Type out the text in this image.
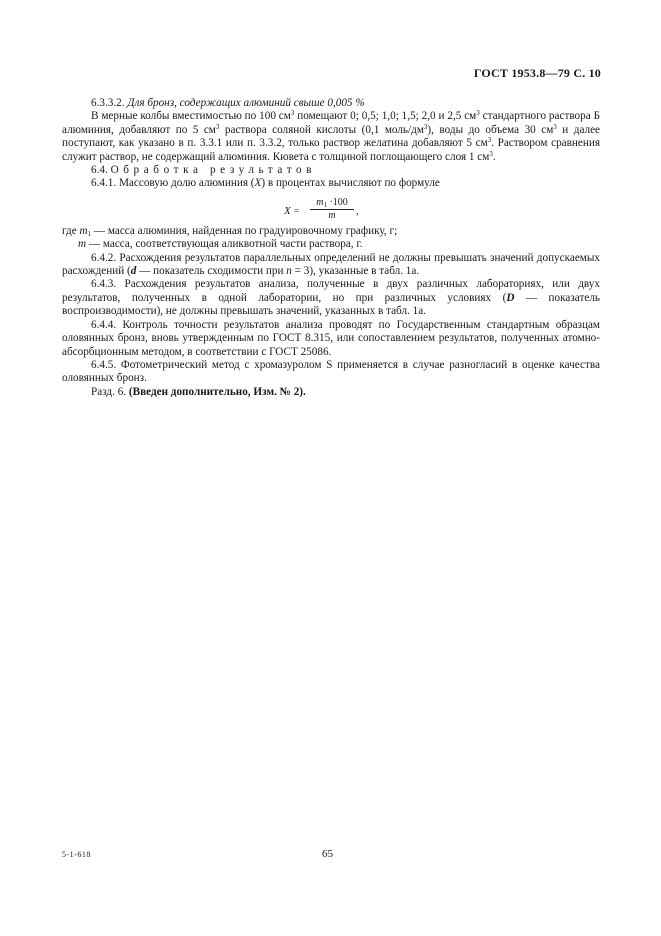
ГОСТ 1953.8—79 С. 10

6.3.3.2. Для бронз, содержащих алюминий свыше 0,005 %

В мерные колбы вместимостью по 100 $см^3$ помещают 0; 0,5; 1,0; 1,5; 2,0 и 2,5 $см^3$ стандартного раствора Б алюминия, добавляют по 5 $см^3$ раствора соляной кислоты (0,1 моль/$дм^3$), воды до объема 30 $см^3$ и далее поступают, как указано в п. 3.3.1 или п. 3.3.2, только раствор желатина добавляют 5 $см^3$. Раствором сравнения служит раствор, не содержащий алюминия. Кювета с толщиной поглощающего слоя 1 $см^3$.

6.4. Обработка результатов

6.4.1. Массовую долю алюминия (X) в процентах вычисляют по формуле

$X = \frac{m_1 \cdot 100}{m}$ ,

где $m_1$ — масса алюминия, найденная по градуировочному графику, г;

m — масса, соответствующая аликвотной части раствора, г.

6.4.2. Расхождения результатов параллельных определений не должны превышать значений допускаемых расхождений (d — показатель сходимости при n = 3), указанные в табл. 1а.

6.4.3. Расхождения результатов анализа, полученные в двух различных лабораториях, или двух результатов, полученных в одной лаборатории, но при различных условиях (D — показатель воспроизводимости), не должны превышать значений, указанных в табл. 1а.

6.4.4. Контроль точности результатов анализа проводят по Государственным стандартным образцам оловянных бронз, вновь утвержденным по ГОСТ 8.315, или сопоставлением результатов, полученных атомно-абсорбционным методом, в соответствии с ГОСТ 25086.

6.4.5. Фотометрический метод с хромазуролом S применяется в случае разногласий в оценке качества оловянных бронз.

Разд. 6. (Введен дополнительно, Изм. № 2).

5-1-618	65
